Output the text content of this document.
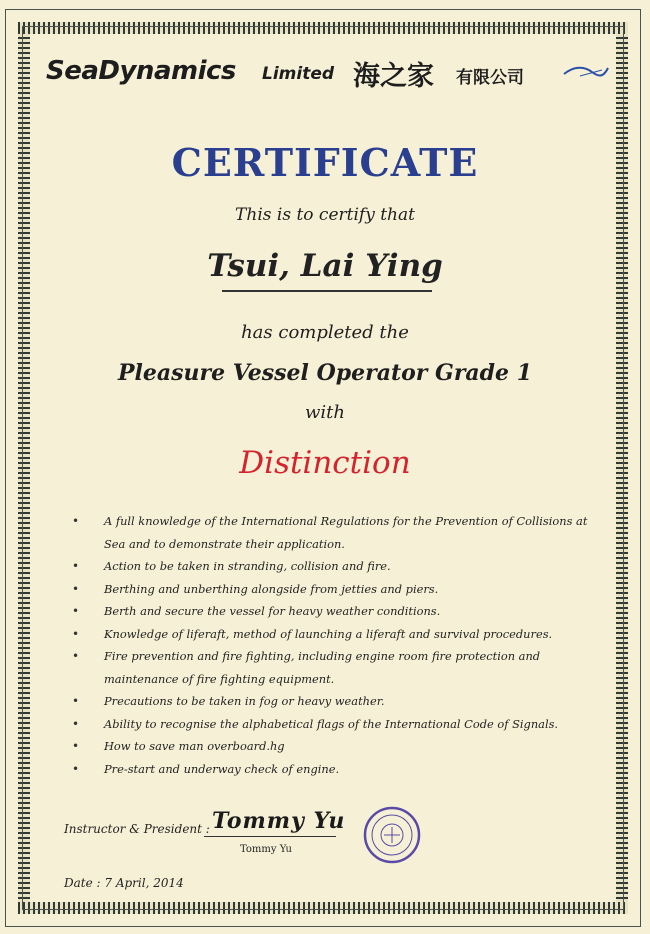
SeaDynamics Limited 海之家 有限公司
CERTIFICATE
This is to certify that
Tsui, Lai Ying
has completed the
Pleasure Vessel Operator Grade 1
with
Distinction
• A full knowledge of the International Regulations for the Prevention of Collisions at Sea and to demonstrate their application.
• Action to be taken in stranding, collision and fire.
• Berthing and unberthing alongside from jetties and piers.
• Berth and secure the vessel for heavy weather conditions.
• Knowledge of liferaft, method of launching a liferaft and survival procedures.
• Fire prevention and fire fighting, including engine room fire protection and maintenance of fire fighting equipment.
• Precautions to be taken in fog or heavy weather.
• Ability to recognise the alphabetical flags of the International Code of Signals.
• How to save man overboard.hg
• Pre-start and underway check of engine.
Instructor & President : Tommy Yu
Tommy Yu
Date : 7 April, 2014
